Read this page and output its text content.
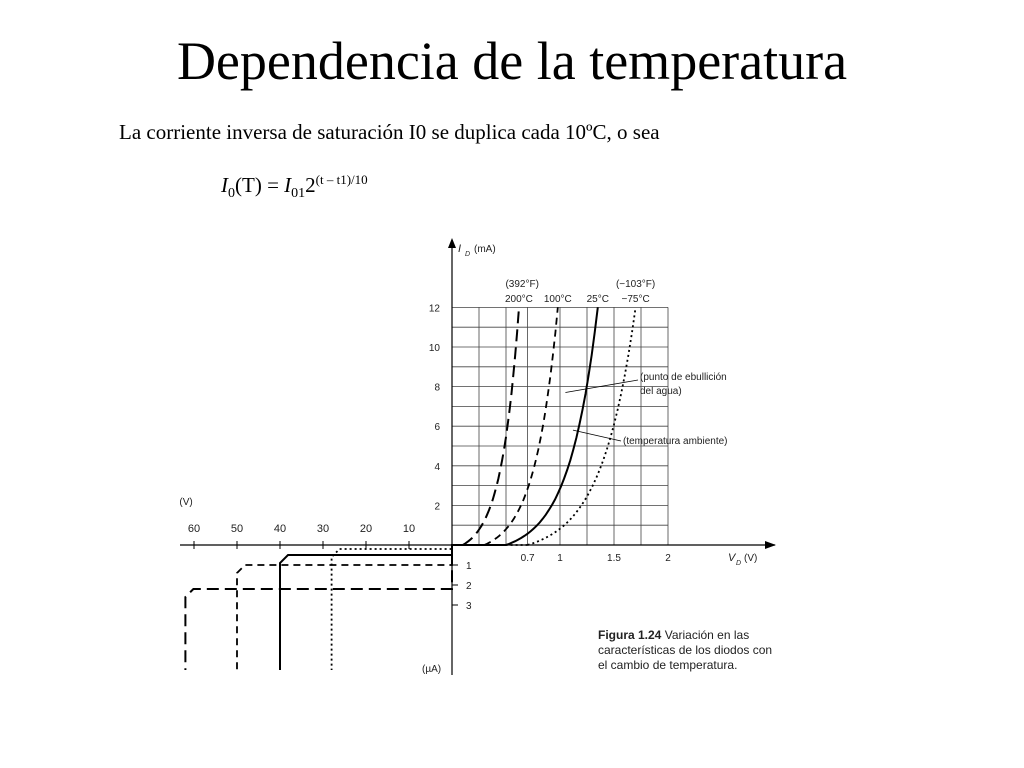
Dependencia de la temperatura
La corriente inversa de saturación I0 se duplica cada 10ºC, o sea
$I_0(T) = I_{01}2^{(t - t1)/10}$
2
4
6
8
10
12
0.7 1	1.5	2
I D (mA)
V D (V)
(V)
60	50	40	30	20	10
1
2
3
(µA)
(392°F)
200°C 100°C 25°C
(−103°F)
−75°C
(punto de ebullición
del agua)
(temperatura ambiente)
Figura 1.24 Variación en las
características de los diodos con
el cambio de temperatura.
